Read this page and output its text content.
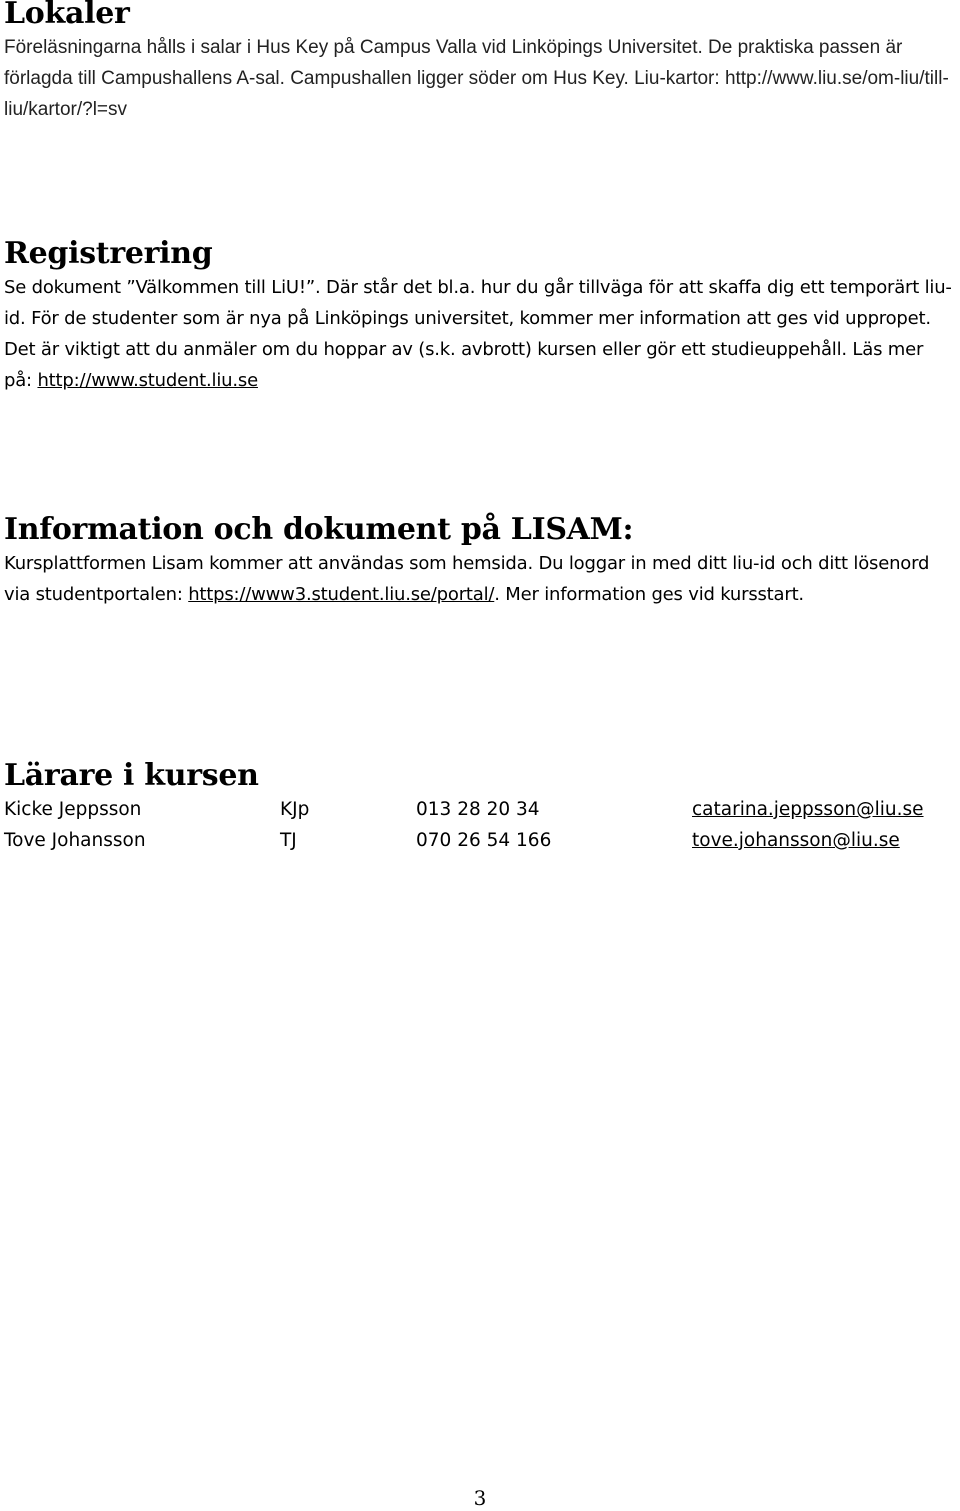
Lokaler

Föreläsningarna hålls i salar i Hus Key på Campus Valla vid Linköpings Universitet. De praktiska passen är förlagda till Campushallens A-sal. Campushallen ligger söder om Hus Key. Liu-kartor: http://www.liu.se/om-liu/till-liu/kartor/?l=sv

Registrering

Se dokument ”Välkommen till LiU!”. Där står det bl.a. hur du går tillväga för att skaffa dig ett temporärt liu-id. För de studenter som är nya på Linköpings universitet, kommer mer information att ges vid uppropet. Det är viktigt att du anmäler om du hoppar av (s.k. avbrott) kursen eller gör ett studieuppehåll. Läs mer på: http://www.student.liu.se

Information och dokument på LISAM:

Kursplattformen Lisam kommer att användas som hemsida. Du loggar in med ditt liu-id och ditt lösenord via studentportalen: https://www3.student.liu.se/portal/. Mer information ges vid kursstart.

Lärare i kursen
Kicke Jeppsson	KJp	013 28 20 34	catarina.jeppsson@liu.se
Tove Johansson	TJ	070 26 54 166	tove.johansson@liu.se
3
